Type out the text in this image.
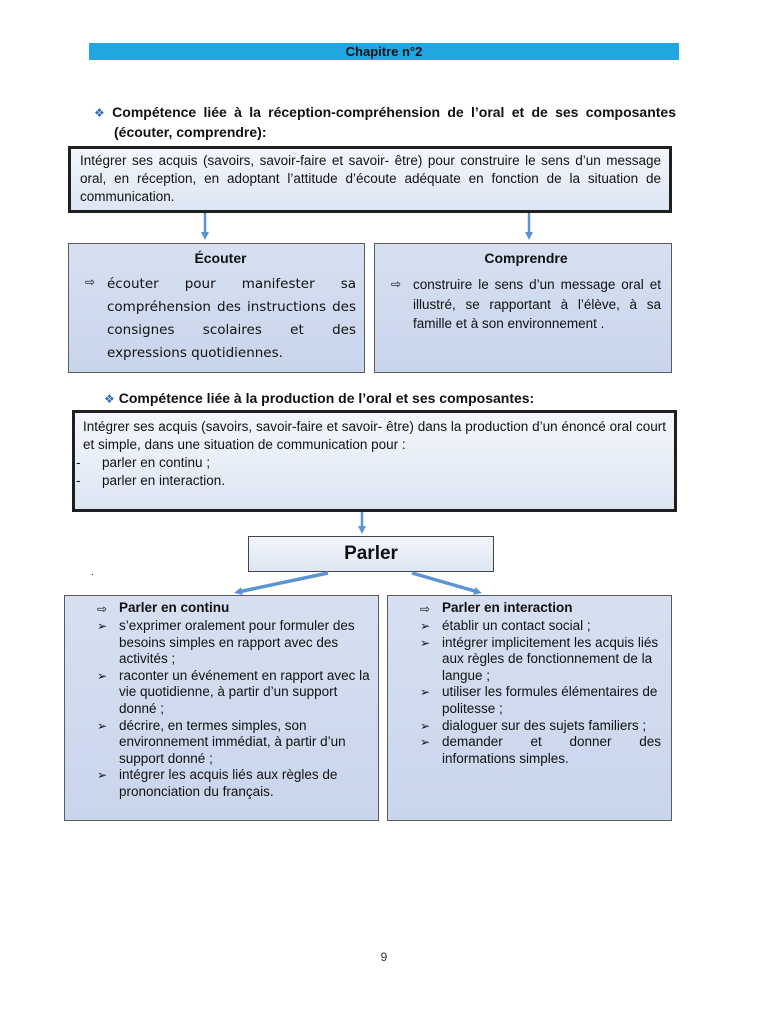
Chapitre n°2
❖ Compétence liée à la réception-compréhension de l’oral et de ses composantes (écouter, comprendre):
Intégrer ses acquis (savoirs, savoir-faire et savoir- être) pour construire le sens d’un message oral, en réception, en adoptant l’attitude d’écoute adéquate en fonction de la situation de communication.
Écouter
⇨ écouter pour manifester sa compréhension des instructions des consignes scolaires et des expressions quotidiennes.
Comprendre
⇨ construire le sens d’un message oral et illustré, se rapportant à l’élève, à sa famille et à son environnement .
❖ Compétence liée à la production de l’oral et ses composantes:
Intégrer ses acquis (savoirs, savoir-faire et savoir- être) dans la production d’un énoncé oral court et simple, dans une situation de communication pour :
-	parler en continu ;
-	parler en interaction.
Parler
.
⇨ Parler en continu
➢ s’exprimer oralement pour formuler des besoins simples en rapport avec des activités ;
➢ raconter un événement en rapport avec la vie quotidienne, à partir d’un support donné ;
➢ décrire, en termes simples, son environnement immédiat, à partir d’un support donné ;
➢ intégrer les acquis liés aux règles de prononciation du français.
⇨ Parler en interaction
➢ établir un contact social ;
➢ intégrer implicitement les acquis liés aux règles de fonctionnement de la langue ;
➢ utiliser les formules élémentaires de politesse ;
➢ dialoguer sur des sujets familiers ;
➢ demander et donner des informations simples.
9
